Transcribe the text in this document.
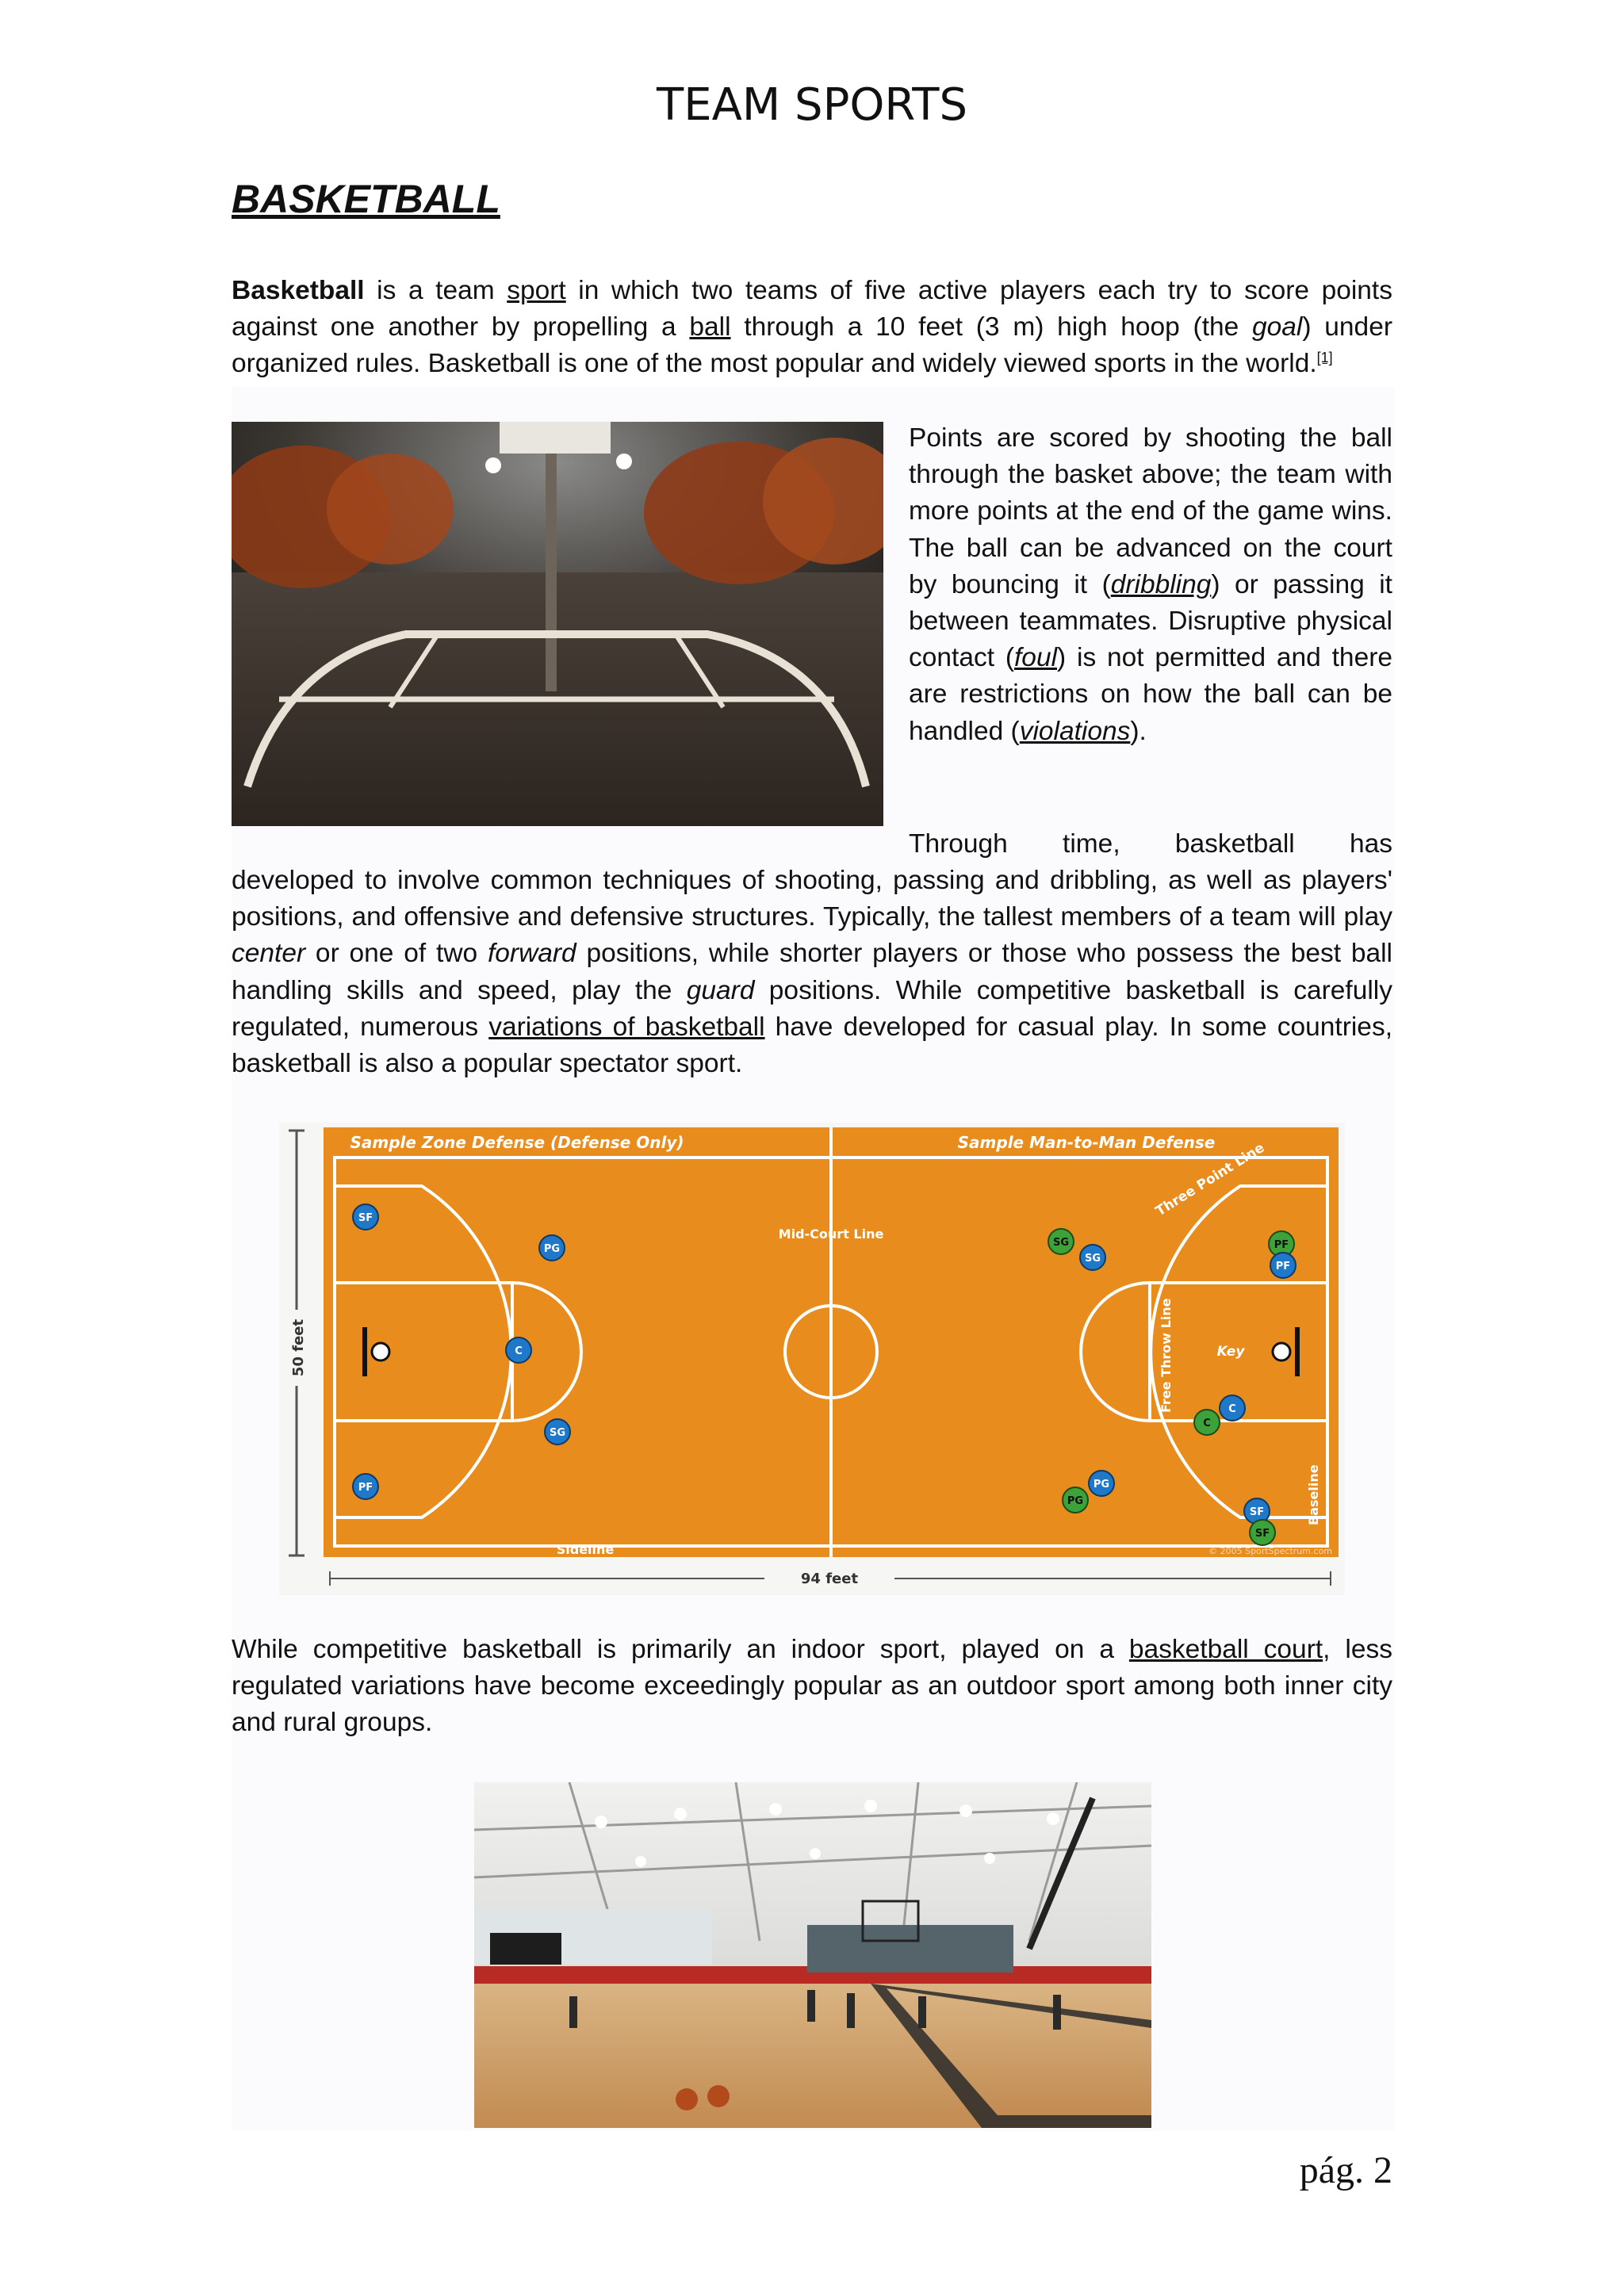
TEAM SPORTS
BASKETBALL

Basketball is a team sport in which two teams of five active players each try to score points against one another by propelling a ball through a 10 feet (3 m) high hoop (the goal) under organized rules. Basketball is one of the most popular and widely viewed sports in the world.[1]

Points are scored by shooting the ball through the basket above; the team with more points at the end of the game wins. The ball can be advanced on the court by bouncing it (dribbling) or passing it between teammates. Disruptive physical contact (foul) is not permitted and there are restrictions on how the ball can be handled (violations).

Through time, basketball has

developed to involve common techniques of shooting, passing and dribbling, as well as players' positions, and offensive and defensive structures. Typically, the tallest members of a team will play center or one of two forward positions, while shorter players or those who possess the best ball handling skills and speed, play the guard positions. While competitive basketball is carefully regulated, numerous variations of basketball have developed for casual play. In some countries, basketball is also a popular spectator sport.

50 feet
Sample Zone Defense (Defense Only)	Sample Man-to-Man Defense
Mid-Court Line
Three Point Line
Free Throw Line	Key
Baseline
Sideline	© 2005 SportSpectrum.com
SF
PG
C
SG
PF
SG
SG
PF
PF
C
C
PG
PG
SF
SF
94 feet

While competitive basketball is primarily an indoor sport, played on a basketball court, less regulated variations have become exceedingly popular as an outdoor sport among both inner city and rural groups.

pág. 2
